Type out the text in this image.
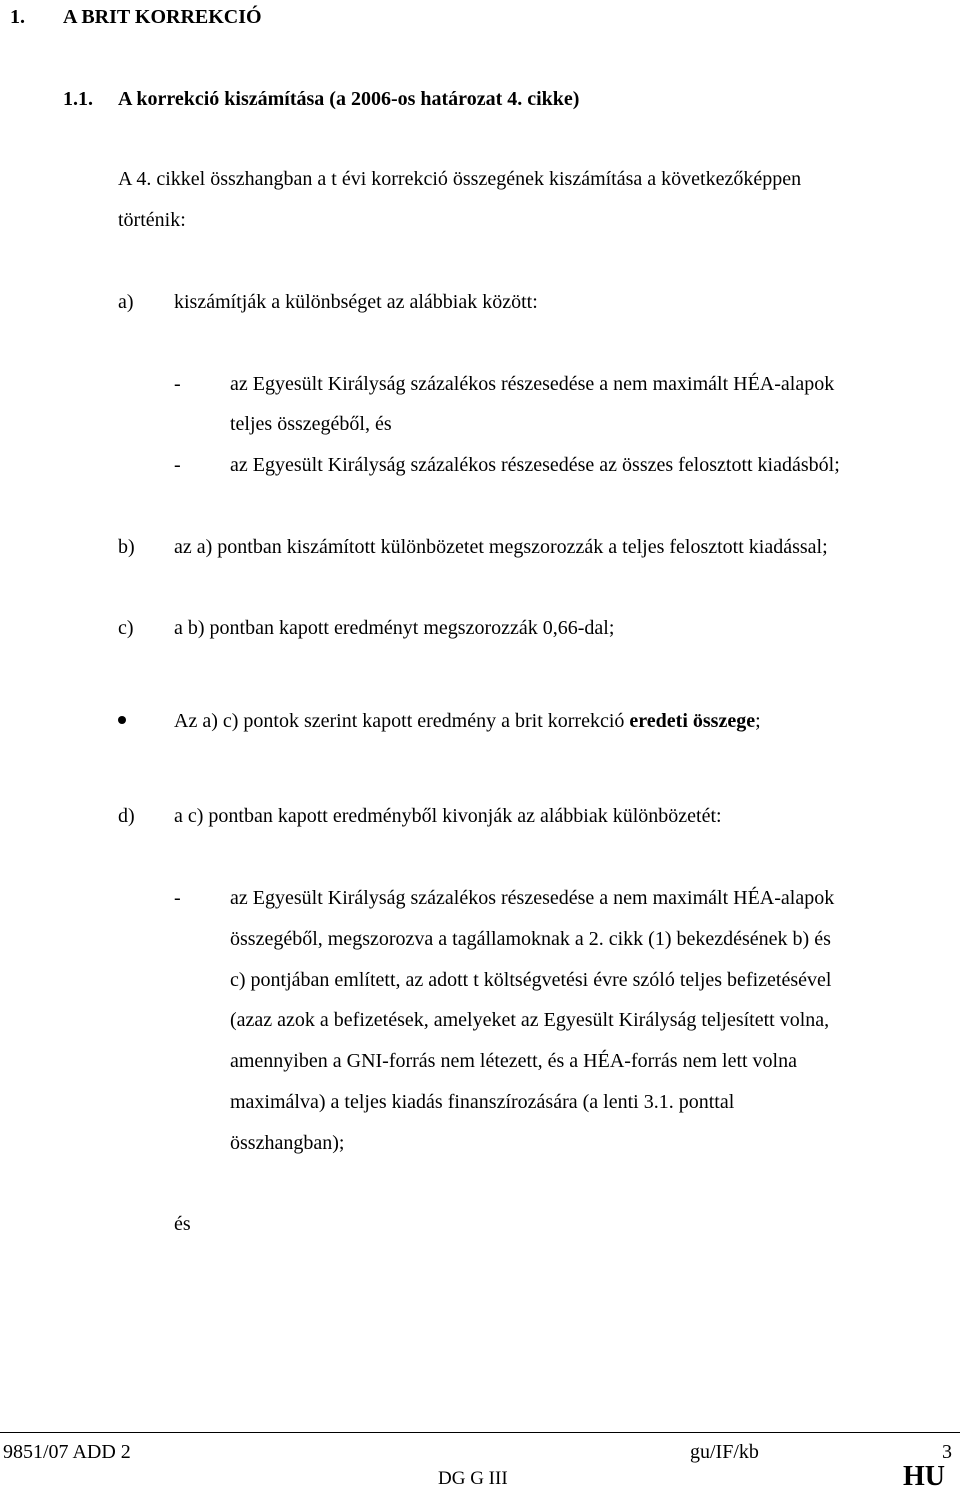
1. A BRIT KORREKCIÓ
1.1. A korrekció kiszámítása (a 2006-os határozat 4. cikke)
A 4. cikkel összhangban a t évi korrekció összegének kiszámítása a következőképpen
történik:
a) kiszámítják a különbséget az alábbiak között:
- az Egyesült Királyság százalékos részesedése a nem maximált HÉA-alapok
teljes összegéből, és
- az Egyesült Királyság százalékos részesedése az összes felosztott kiadásból;
b) az a) pontban kiszámított különbözetet megszorozzák a teljes felosztott kiadással;
c) a b) pontban kapott eredményt megszorozzák 0,66-dal;
Az a) c) pontok szerint kapott eredmény a brit korrekció eredeti összege;
d) a c) pontban kapott eredményből kivonják az alábbiak különbözetét:
- az Egyesült Királyság százalékos részesedése a nem maximált HÉA-alapok
összegéből, megszorozva a tagállamoknak a 2. cikk (1) bekezdésének b) és
c) pontjában említett, az adott t költségvetési évre szóló teljes befizetésével
(azaz azok a befizetések, amelyeket az Egyesült Királyság teljesített volna,
amennyiben a GNI-forrás nem létezett, és a HÉA-forrás nem lett volna
maximálva) a teljes kiadás finanszírozására (a lenti 3.1. ponttal
összhangban);
és
9851/07 ADD 2	gu/IF/kb	3
DG G III	HU
